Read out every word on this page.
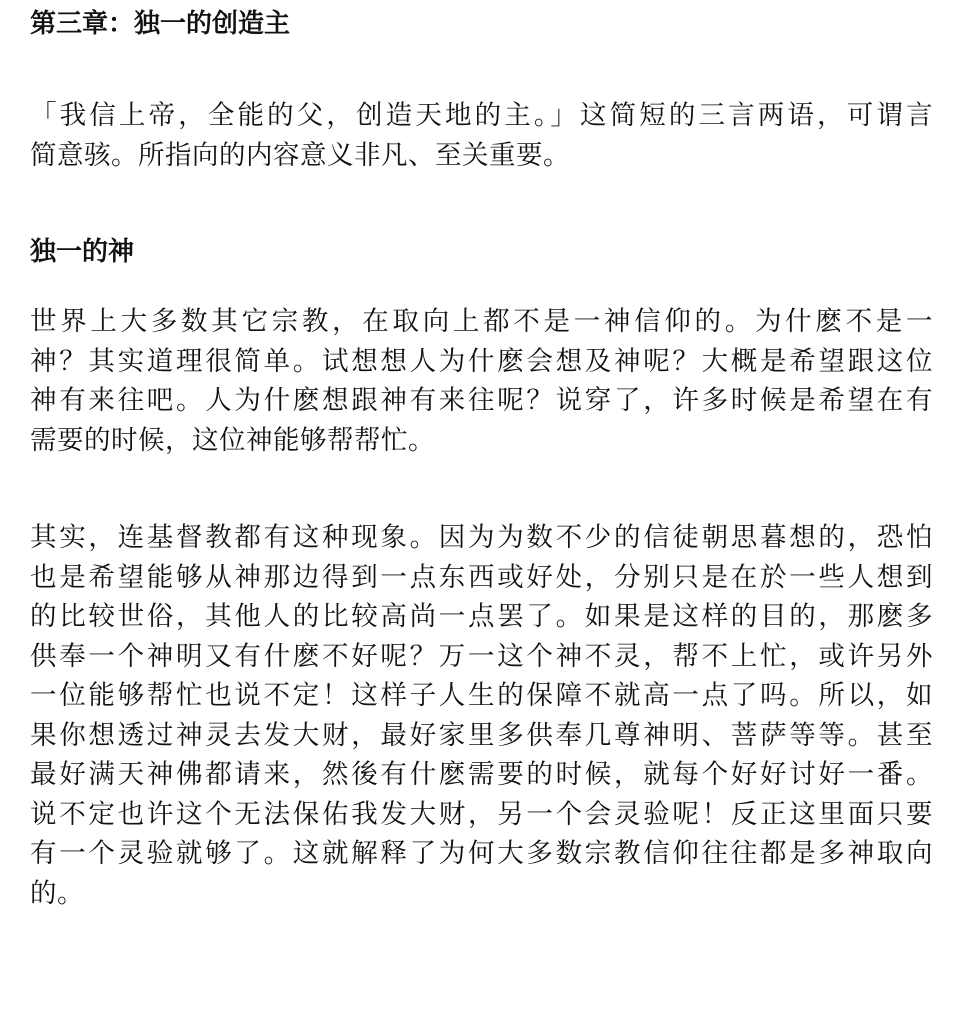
第三章：独一的创造主

「我信上帝，全能的父，创造天地的主。」这简短的三言两语，可谓言
简意骇。所指向的内容意义非凡、至关重要。

独一的神

世界上大多数其它宗教，在取向上都不是一神信仰的。为什麽不是一
神？其实道理很简单。试想想人为什麽会想及神呢？大概是希望跟这位
神有来往吧。人为什麽想跟神有来往呢？说穿了，许多时候是希望在有
需要的时候，这位神能够帮帮忙。

其实，连基督教都有这种现象。因为为数不少的信徒朝思暮想的，恐怕
也是希望能够从神那边得到一点东西或好处，分别只是在於一些人想到
的比较世俗，其他人的比较高尚一点罢了。如果是这样的目的，那麽多
供奉一个神明又有什麽不好呢？万一这个神不灵，帮不上忙，或许另外
一位能够帮忙也说不定！这样子人生的保障不就高一点了吗。所以，如
果你想透过神灵去发大财，最好家里多供奉几尊神明、菩萨等等。甚至
最好满天神佛都请来，然後有什麽需要的时候，就每个好好讨好一番。
说不定也许这个无法保佑我发大财，另一个会灵验呢！反正这里面只要
有一个灵验就够了。这就解释了为何大多数宗教信仰往往都是多神取向
的。
